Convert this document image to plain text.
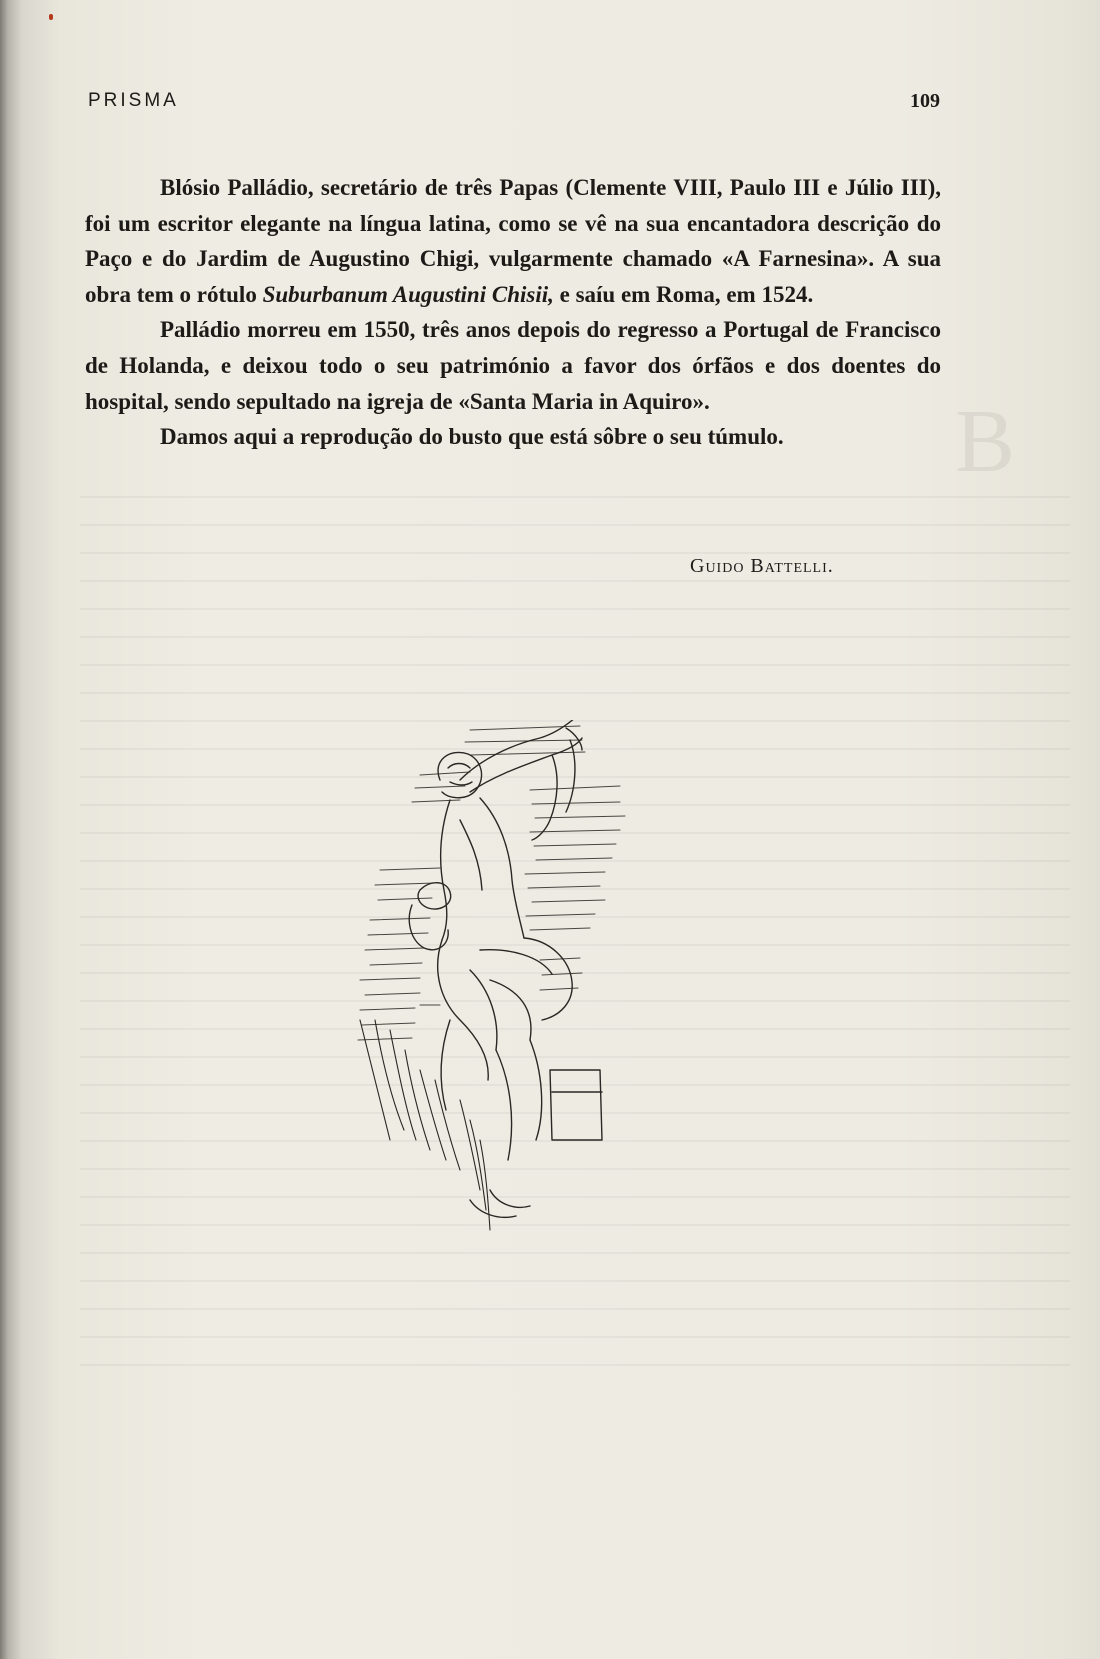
B
PRISMA	109

Blósio Palládio, secretário de três Papas (Clemente VIII, Paulo III e Júlio III), foi um escritor elegante na língua latina, como se vê na sua encantadora descrição do Paço e do Jardim de Augustino Chigi, vulgarmente chamado «A Farnesina». A sua obra tem o rótulo Suburbanum Augustini Chisii, e saíu em Roma, em 1524.

Palládio morreu em 1550, três anos depois do regresso a Portugal de Francisco de Holanda, e deixou todo o seu património a favor dos órfãos e dos doentes do hospital, sendo sepultado na igreja de «Santa Maria in Aquiro».

Damos aqui a reprodução do busto que está sôbre o seu túmulo.

Guido Battelli.
